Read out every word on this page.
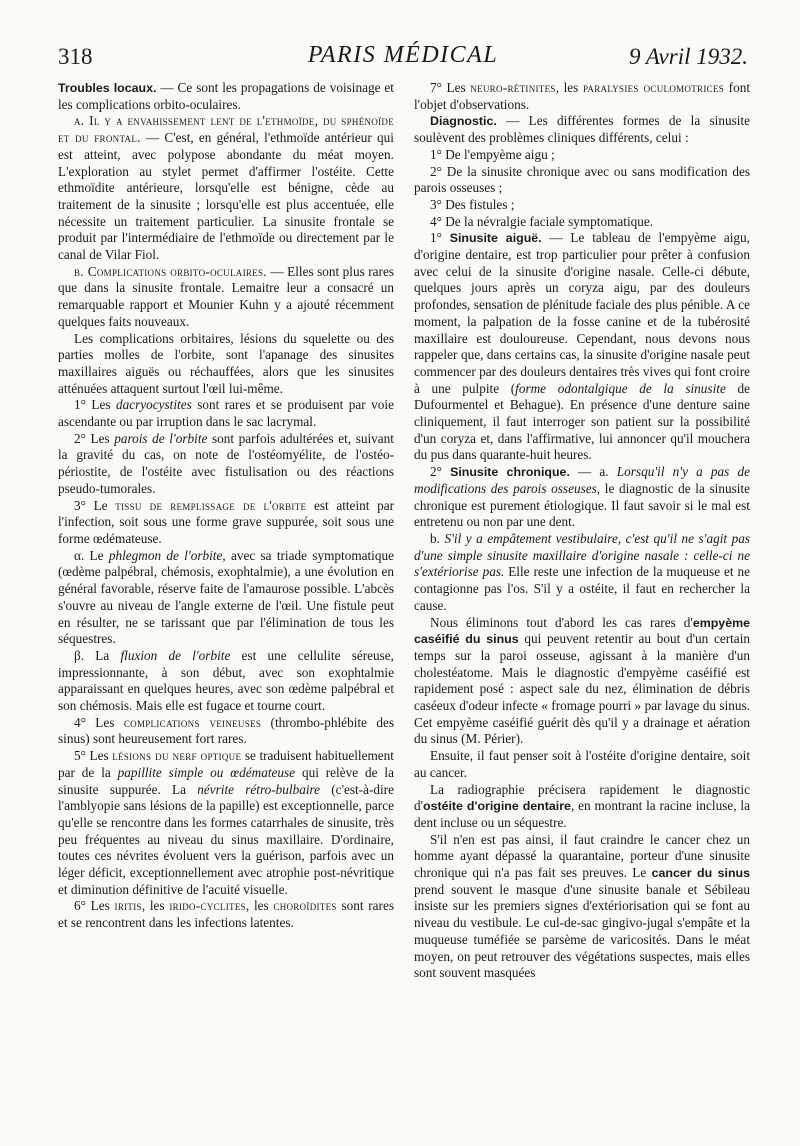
318	PARIS MÉDICAL	9 Avril 1932.

Troubles locaux. — Ce sont les propagations de voisinage et les complications orbito-oculaires.

a. Il y a envahissement lent de l'ethmoïde, du sphénoïde et du frontal. — C'est, en général, l'ethmoïde antérieur qui est atteint, avec polypose abondante du méat moyen. L'exploration au stylet permet d'affirmer l'ostéite. Cette ethmoïdite antérieure, lorsqu'elle est bénigne, cède au traitement de la sinusite ; lorsqu'elle est plus accentuée, elle nécessite un traitement particulier. La sinusite frontale se produit par l'intermédiaire de l'ethmoïde ou directement par le canal de Vilar Fiol.

b. Complications orbito-oculaires. — Elles sont plus rares que dans la sinusite frontale. Lemaitre leur a consacré un remarquable rapport et Mounier Kuhn y a ajouté récemment quelques faits nouveaux.

Les complications orbitaires, lésions du squelette ou des parties molles de l'orbite, sont l'apanage des sinusites maxillaires aiguës ou réchauffées, alors que les sinusites atténuées attaquent surtout l'œil lui-même.

1° Les dacryocystites sont rares et se produisent par voie ascendante ou par irruption dans le sac lacrymal.

2° Les parois de l'orbite sont parfois adultérées et, suivant la gravité du cas, on note de l'ostéomyélite, de l'ostéo-périostite, de l'ostéite avec fistulisation ou des réactions pseudo-tumorales.

3° Le tissu de remplissage de l'orbite est atteint par l'infection, soit sous une forme grave suppurée, soit sous une forme œdémateuse.

α. Le phlegmon de l'orbite, avec sa triade symptomatique (œdème palpébral, chémosis, exophtalmie), a une évolution en général favorable, réserve faite de l'amaurose possible. L'abcès s'ouvre au niveau de l'angle externe de l'œil. Une fistule peut en résulter, ne se tarissant que par l'élimination de tous les séquestres.

β. La fluxion de l'orbite est une cellulite séreuse, impressionnante, à son début, avec son exophtalmie apparaissant en quelques heures, avec son œdème palpébral et son chémosis. Mais elle est fugace et tourne court.

4° Les complications veineuses (thrombo-phlébite des sinus) sont heureusement fort rares.

5° Les lésions du nerf optique se traduisent habituellement par de la papillite simple ou œdémateuse qui relève de la sinusite suppurée. La névrite rétro-bulbaire (c'est-à-dire l'amblyopie sans lésions de la papille) est exceptionnelle, parce qu'elle se rencontre dans les formes catarrhales de sinusite, très peu fréquentes au niveau du sinus maxillaire. D'ordinaire, toutes ces névrites évoluent vers la guérison, parfois avec un léger déficit, exceptionnellement avec atrophie post-névritique et diminution définitive de l'acuité visuelle.

6° Les iritis, les irido-cyclites, les choroïdites sont rares et se rencontrent dans les infections latentes.

7° Les neuro-rétinites, les paralysies oculomotrices font l'objet d'observations.

Diagnostic. — Les différentes formes de la sinusite soulèvent des problèmes cliniques différents, celui :

1° De l'empyème aigu ;

2° De la sinusite chronique avec ou sans modification des parois osseuses ;

3° Des fistules ;

4° De la névralgie faciale symptomatique.

1° Sinusite aiguë. — Le tableau de l'empyème aigu, d'origine dentaire, est trop particulier pour prêter à confusion avec celui de la sinusite d'origine nasale. Celle-ci débute, quelques jours après un coryza aigu, par des douleurs profondes, sensation de plénitude faciale des plus pénible. A ce moment, la palpation de la fosse canine et de la tubérosité maxillaire est douloureuse. Cependant, nous devons nous rappeler que, dans certains cas, la sinusite d'origine nasale peut commencer par des douleurs dentaires très vives qui font croire à une pulpite (forme odontalgique de la sinusite de Dufourmentel et Behague). En présence d'une denture saine cliniquement, il faut interroger son patient sur la possibilité d'un coryza et, dans l'affirmative, lui annoncer qu'il mouchera du pus dans quarante-huit heures.

2° Sinusite chronique. — a. Lorsqu'il n'y a pas de modifications des parois osseuses, le diagnostic de la sinusite chronique est purement étiologique. Il faut savoir si le mal est entretenu ou non par une dent.

b. S'il y a empâtement vestibulaire, c'est qu'il ne s'agit pas d'une simple sinusite maxillaire d'origine nasale : celle-ci ne s'extériorise pas. Elle reste une infection de la muqueuse et ne contagionne pas l'os. S'il y a ostéite, il faut en rechercher la cause.

Nous éliminons tout d'abord les cas rares d'empyème caséifié du sinus qui peuvent retentir au bout d'un certain temps sur la paroi osseuse, agissant à la manière d'un cholestéatome. Mais le diagnostic d'empyème caséifié est rapidement posé : aspect sale du nez, élimination de débris caséeux d'odeur infecte « fromage pourri » par lavage du sinus. Cet empyème caséifié guérit dès qu'il y a drainage et aération du sinus (M. Périer).

Ensuite, il faut penser soit à l'ostéite d'origine dentaire, soit au cancer.

La radiographie précisera rapidement le diagnostic d'ostéite d'origine dentaire, en montrant la racine incluse, la dent incluse ou un séquestre.

S'il n'en est pas ainsi, il faut craindre le cancer chez un homme ayant dépassé la quarantaine, porteur d'une sinusite chronique qui n'a pas fait ses preuves. Le cancer du sinus prend souvent le masque d'une sinusite banale et Sébileau insiste sur les premiers signes d'extériorisation qui se font au niveau du vestibule. Le cul-de-sac gingivo-jugal s'empâte et la muqueuse tuméfiée se parsème de varicosités. Dans le méat moyen, on peut retrouver des végétations suspectes, mais elles sont souvent masquées
